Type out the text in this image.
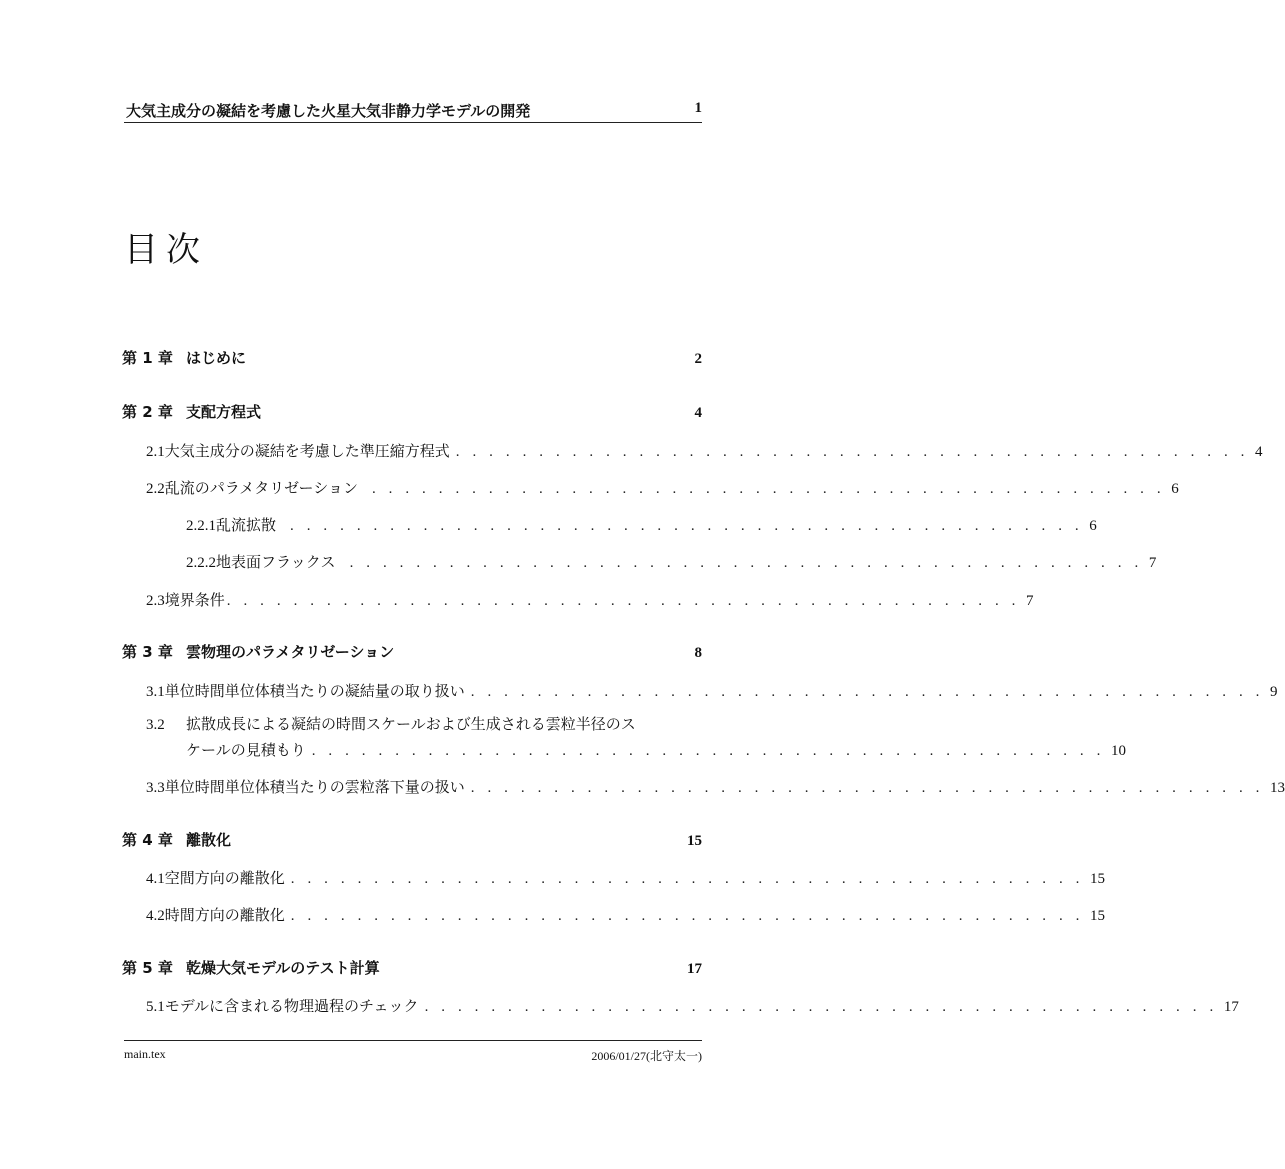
大気主成分の凝結を考慮した火星大気非静力学モデルの開発	1
目次
第 1 章 はじめに	2
第 2 章 支配方程式	4
2.1 大気主成分の凝結を考慮した準圧縮方程式 . . . . . . . . . . . . . . . . . . . . . . . . . . . . . . . . . . . . . . . . . . . . . . . . 4
2.2 乱流のパラメタリゼーション . . . . . . . . . . . . . . . . . . . . . . . . . . . . . . . . . . . . . . . . . . . . . . . . 6
2.2.1 乱流拡散 . . . . . . . . . . . . . . . . . . . . . . . . . . . . . . . . . . . . . . . . . . . . . . . . 6
2.2.2 地表面フラックス . . . . . . . . . . . . . . . . . . . . . . . . . . . . . . . . . . . . . . . . . . . . . . . . 7
2.3 境界条件 . . . . . . . . . . . . . . . . . . . . . . . . . . . . . . . . . . . . . . . . . . . . . . . . 7
第 3 章 雲物理のパラメタリゼーション	8
3.1 単位時間単位体積当たりの凝結量の取り扱い . . . . . . . . . . . . . . . . . . . . . . . . . . . . . . . . . . . . . . . . . . . . . . . . 9
3.2	拡散成長による凝結の時間スケールおよび生成される雲粒半径のス
ケールの見積もり . . . . . . . . . . . . . . . . . . . . . . . . . . . . . . . . . . . . . . . . . . . . . . . . 10
3.3 単位時間単位体積当たりの雲粒落下量の扱い . . . . . . . . . . . . . . . . . . . . . . . . . . . . . . . . . . . . . . . . . . . . . . . . 13
第 4 章 離散化	15
4.1 空間方向の離散化 . . . . . . . . . . . . . . . . . . . . . . . . . . . . . . . . . . . . . . . . . . . . . . . . 15
4.2 時間方向の離散化 . . . . . . . . . . . . . . . . . . . . . . . . . . . . . . . . . . . . . . . . . . . . . . . . 15
第 5 章 乾燥大気モデルのテスト計算	17
5.1 モデルに含まれる物理過程のチェック . . . . . . . . . . . . . . . . . . . . . . . . . . . . . . . . . . . . . . . . . . . . . . . . 17
main.tex	2006/01/27(北守太一)
